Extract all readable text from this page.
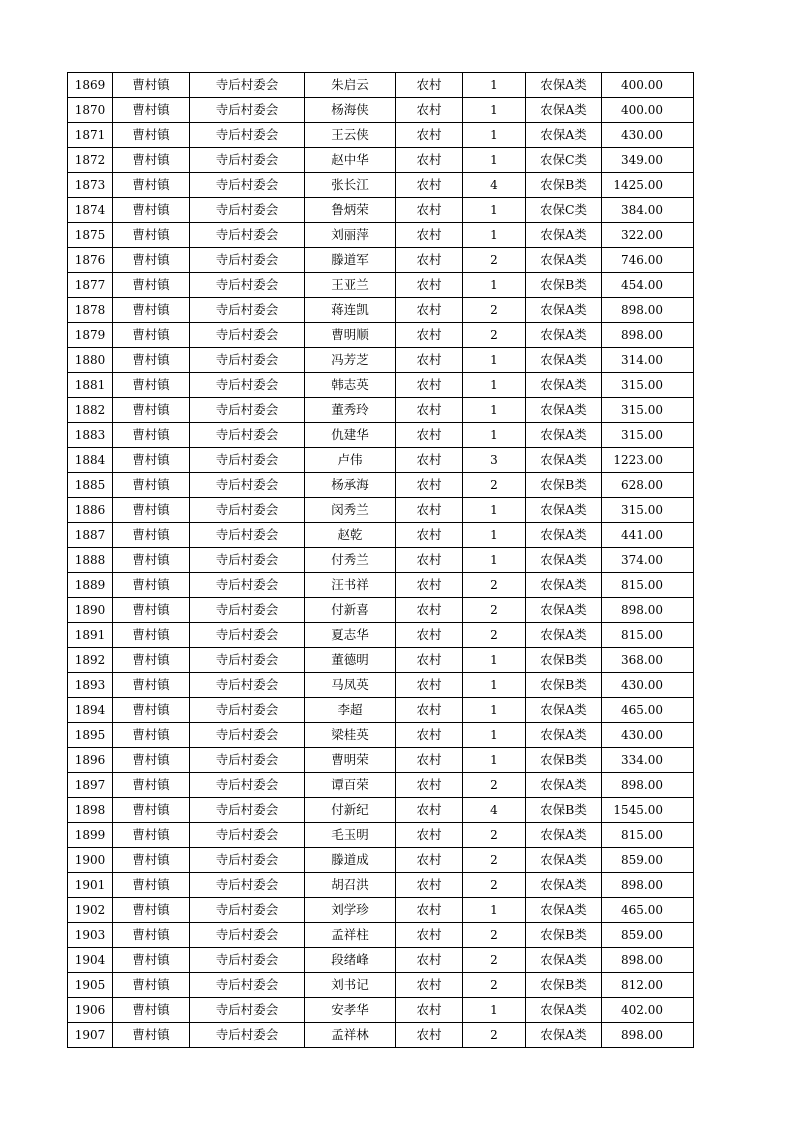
1869	曹村镇	寺后村委会	朱启云	农村	1	农保A类	400.00
1870	曹村镇	寺后村委会	杨海侠	农村	1	农保A类	400.00
1871	曹村镇	寺后村委会	王云侠	农村	1	农保A类	430.00
1872	曹村镇	寺后村委会	赵中华	农村	1	农保C类	349.00
1873	曹村镇	寺后村委会	张长江	农村	4	农保B类	1425.00
1874	曹村镇	寺后村委会	鲁炳荣	农村	1	农保C类	384.00
1875	曹村镇	寺后村委会	刘丽萍	农村	1	农保A类	322.00
1876	曹村镇	寺后村委会	滕道军	农村	2	农保A类	746.00
1877	曹村镇	寺后村委会	王亚兰	农村	1	农保B类	454.00
1878	曹村镇	寺后村委会	蒋连凯	农村	2	农保A类	898.00
1879	曹村镇	寺后村委会	曹明顺	农村	2	农保A类	898.00
1880	曹村镇	寺后村委会	冯芳芝	农村	1	农保A类	314.00
1881	曹村镇	寺后村委会	韩志英	农村	1	农保A类	315.00
1882	曹村镇	寺后村委会	董秀玲	农村	1	农保A类	315.00
1883	曹村镇	寺后村委会	仇建华	农村	1	农保A类	315.00
1884	曹村镇	寺后村委会	卢伟	农村	3	农保A类	1223.00
1885	曹村镇	寺后村委会	杨承海	农村	2	农保B类	628.00
1886	曹村镇	寺后村委会	闵秀兰	农村	1	农保A类	315.00
1887	曹村镇	寺后村委会	赵乾	农村	1	农保A类	441.00
1888	曹村镇	寺后村委会	付秀兰	农村	1	农保A类	374.00
1889	曹村镇	寺后村委会	汪书祥	农村	2	农保A类	815.00
1890	曹村镇	寺后村委会	付新喜	农村	2	农保A类	898.00
1891	曹村镇	寺后村委会	夏志华	农村	2	农保A类	815.00
1892	曹村镇	寺后村委会	董德明	农村	1	农保B类	368.00
1893	曹村镇	寺后村委会	马凤英	农村	1	农保B类	430.00
1894	曹村镇	寺后村委会	李超	农村	1	农保A类	465.00
1895	曹村镇	寺后村委会	梁桂英	农村	1	农保A类	430.00
1896	曹村镇	寺后村委会	曹明荣	农村	1	农保B类	334.00
1897	曹村镇	寺后村委会	谭百荣	农村	2	农保A类	898.00
1898	曹村镇	寺后村委会	付新纪	农村	4	农保B类	1545.00
1899	曹村镇	寺后村委会	毛玉明	农村	2	农保A类	815.00
1900	曹村镇	寺后村委会	滕道成	农村	2	农保A类	859.00
1901	曹村镇	寺后村委会	胡召洪	农村	2	农保A类	898.00
1902	曹村镇	寺后村委会	刘学珍	农村	1	农保A类	465.00
1903	曹村镇	寺后村委会	孟祥柱	农村	2	农保B类	859.00
1904	曹村镇	寺后村委会	段绪峰	农村	2	农保A类	898.00
1905	曹村镇	寺后村委会	刘书记	农村	2	农保B类	812.00
1906	曹村镇	寺后村委会	安孝华	农村	1	农保A类	402.00
1907	曹村镇	寺后村委会	孟祥林	农村	2	农保A类	898.00
